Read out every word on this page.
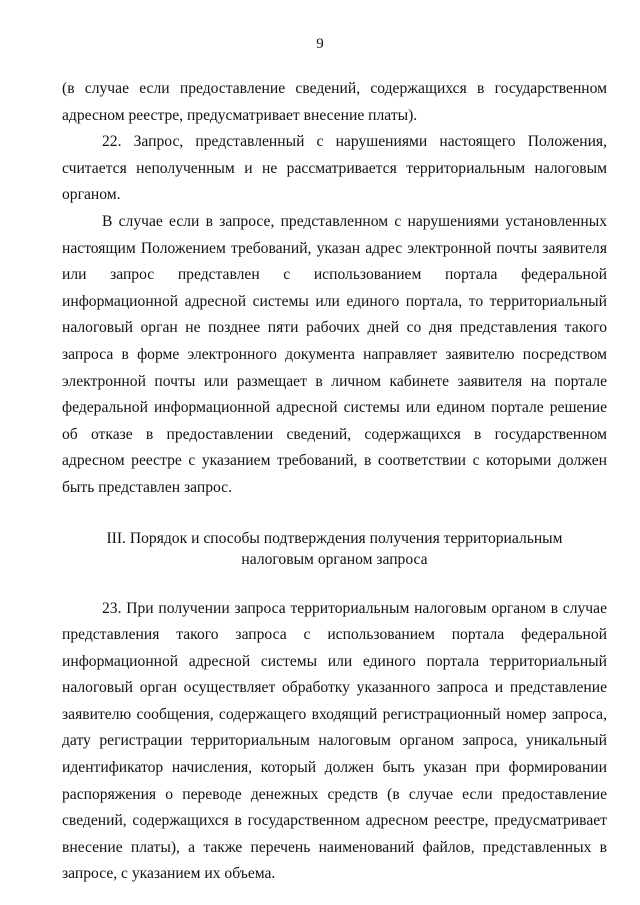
9

(в случае если предоставление сведений, содержащихся в государственном адресном реестре, предусматривает внесение платы).

22. Запрос, представленный с нарушениями настоящего Положения, считается неполученным и не рассматривается территориальным налоговым органом.

В случае если в запросе, представленном с нарушениями установленных настоящим Положением требований, указан адрес электронной почты заявителя или запрос представлен с использованием портала федеральной информационной адресной системы или единого портала, то территориальный налоговый орган не позднее пяти рабочих дней со дня представления такого запроса в форме электронного документа направляет заявителю посредством электронной почты или размещает в личном кабинете заявителя на портале федеральной информационной адресной системы или едином портале решение об отказе в предоставлении сведений, содержащихся в государственном адресном реестре с указанием требований, в соответствии с которыми должен быть представлен запрос.

III. Порядок и способы подтверждения получения территориальным
налоговым органом запроса

23. При получении запроса территориальным налоговым органом в случае представления такого запроса с использованием портала федеральной информационной адресной системы или единого портала территориальный налоговый орган осуществляет обработку указанного запроса и представление заявителю сообщения, содержащего входящий регистрационный номер запроса, дату регистрации территориальным налоговым органом запроса, уникальный идентификатор начисления, который должен быть указан при формировании распоряжения о переводе денежных средств (в случае если предоставление сведений, содержащихся в государственном адресном реестре, предусматривает внесение платы), а также перечень наименований файлов, представленных в запросе, с указанием их объема.
